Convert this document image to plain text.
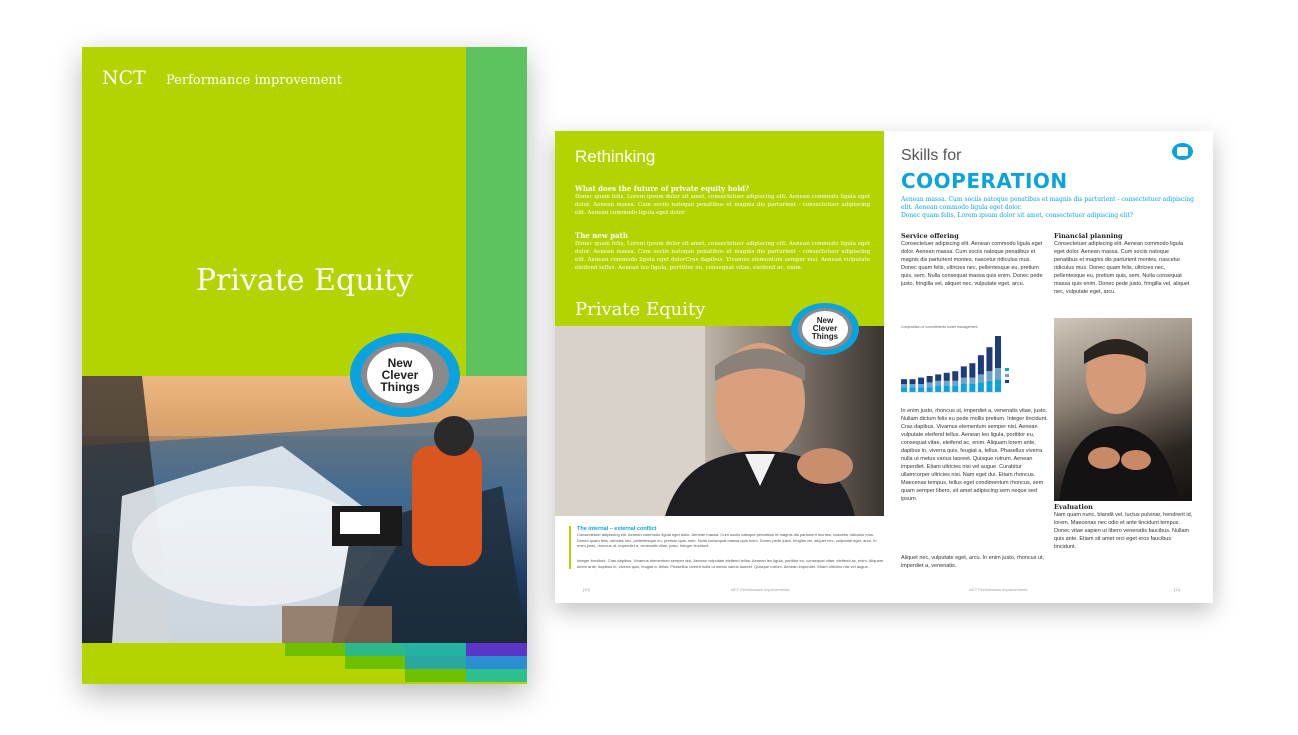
NCT Performance improvement
Private Equity
New
Clever
Things
Rethinking
What does the future of private equity hold?
Donec quam felis, Lorem ipsum dolor sit amet, consectetuer adipiscing elit. Aenean commodo ligula eget dolor. Aenean massa. Cum sociis natoque penatibus et magnis dis parturient - consectetuer adipiscing elit. Aenean commodo ligula eget dolor
The new path
Donec quam felis, Lorem ipsum dolor sit amet, consectetuer adipiscing elit. Aenean commodo ligula eget dolor. Aenean massa. Cum sociis natoque penatibus et magnis dis parturient - consectetuer adipiscing elit. Aenean commodo ligula eget dolorCras dapibus. Vivamus elementum semper nisi. Aenean vulputate eleifend tellus. Aenean leo ligula, porttitor eu, consequat vitae, eleifend ac, enim.
Private Equity
New
Clever
Things
The internal – external conflict
Consectetuer adipiscing elit. Aenean commodo ligula eget dolor. Aenean massa. Cum sociis natoque penatibus et magnis dis parturient montes, nascetur ridiculus mus. Donec quam felis, ultricies nec, pellentesque eu, pretium quis, sem. Nulla consequat massa quis enim. Donec pede justo, fringilla vel, aliquet nec, vulputate eget, arcu. In enim justo, rhoncus ut, imperdiet a, venenatis vitae, justo. Integer tincidunt.
Integer tincidunt. Cras dapibus. Vivamus elementum semper nisi. Aenean vulputate eleifend tellus. Aenean leo ligula, porttitor eu, consequat vitae, eleifend ac, enim. Aliquam lorem ante, dapibus in, viverra quis, feugiat a, tellus. Phasellus viverra nulla ut metus varius laoreet. Quisque rutrum. Aenean imperdiet. Etiam ultricies nisi vel augue.
[10]	NCT Performance improvements
Skills for
COOPERATION
Aenean massa. Cum sociis natoque penatibus et magnis dis parturient - consectetuer adipiscing elit. Aenean commodo ligula eget dolor.
Donec quam felis, Lorem ipsum dolor sit amet, consectetuer adipiscing elit?
Service offering
Consectetuer adipiscing elit. Aenean commodo ligula eget dolor. Aenean massa. Cum sociis natoque penatibus et magnis dis parturient montes, nascetur ridiculus mus. Donec quam felis, ultricies nec, pellentesque eu, pretium quis, sem. Nulla consequat massa quis enim. Donec pede justo, fringilla vel, aliquet nec, vulputate eget, arcu.
Composition of commitments under management
In enim justo, rhoncus ut, imperdiet a, venenatis vitae, justo. Nullam dictum felis eu pede mollis pretium. Integer tincidunt. Cras dapibus. Vivamus elementum semper nisi. Aenean vulputate eleifend tellus. Aenean leo ligula, porttitor eu, consequat vitae, eleifend ac, enim. Aliquam lorem ante, dapibus in, viverra quis, feugiat a, tellus. Phasellus viverra nulla ut metus varius laoreet. Quisque rutrum. Aenean imperdiet. Etiam ultricies nisi vel augue. Curabitur ullamcorper ultricies nisi. Nam eget dui. Etiam rhoncus. Maecenas tempus, tellus eget condimentum rhoncus, sem quam semper libero, sit amet adipiscing sem neque sed ipsum.
Aliquet nec, vulputate eget, arcu. In enim justo, rhoncus ut, imperdiet a, venenatis.
Financial planning
Consectetuer adipiscing elit. Aenean commodo ligula eget dolor. Aenean massa. Cum sociis natoque penatibus et magnis dis parturient montes, nascetur ridiculus mus. Donec quam felis, ultricies nec, pellentesque eu, pretium quis, sem. Nulla consequat massa quis enim. Donec pede justo, fringilla vel, aliquet nec, vulputate eget, arcu.
Evaluation
Nam quam nunc, blandit vel, luctus pulvinar, hendrerit id, lorem. Maecenas nec odio et ante tincidunt tempus. Donec vitae sapien ut libero venenatis faucibus. Nullam quis ante. Etiam sit amet orci eget eros faucibus tincidunt.
NCT Performance improvements	[11]
